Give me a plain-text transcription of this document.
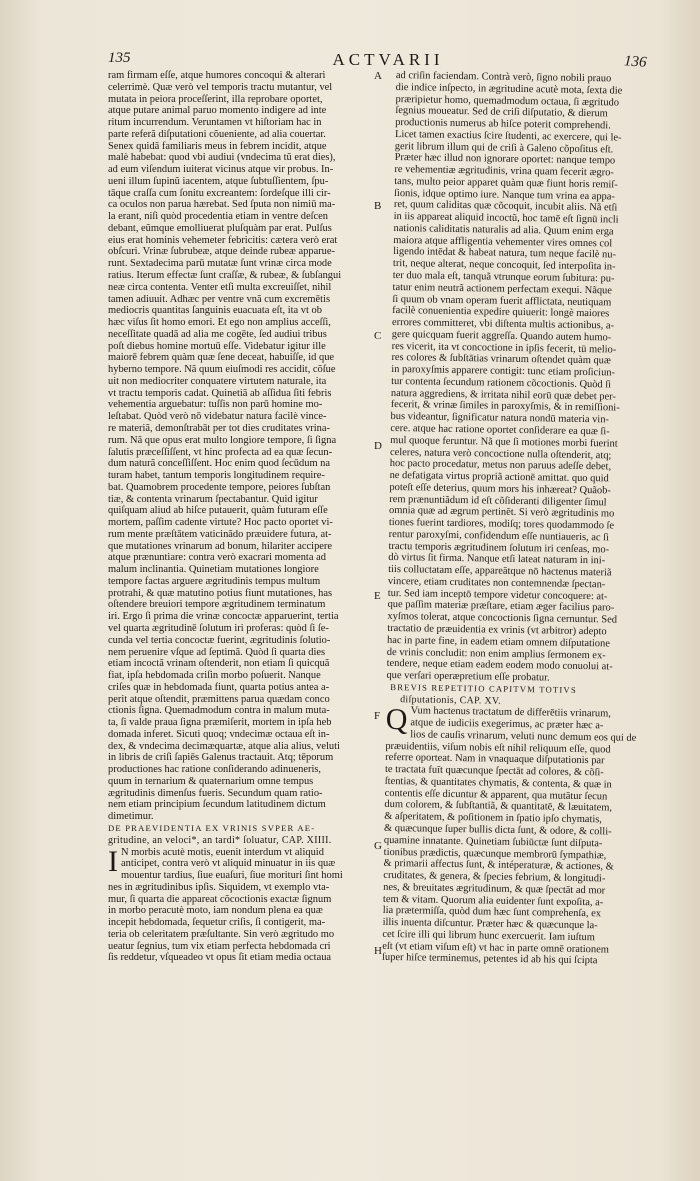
135	ACTVARII	136
ram firmam eſſe, atque humores concoqui & alterari
celerrimè. Quæ verò vel temporis tractu mutantur, vel
mutata in peiora proceſſerint, illa reprobare oportet,
atque putare animal paruo momento indigere ad inte
ritum incurrendum. Veruntamen vt hiſtoriam hac in
parte referã diſputationi cõueniente, ad alia couertar.
Senex quidã familiaris meus in febrem incidit, atque
malè habebat: quod vbi audiui (vndecima tũ erat dies),
ad eum viſendum iuiterat vicinus atque vir probus. In-
ueni illum ſupinũ iacentem, atque ſubtuſſientem, ſpu-
tāque craſſa cum ſonitu excreantem: ſordeſque illi cir-
ca oculos non parua hærebat. Sed ſputa non nimiū ma-
la erant, niſi quòd procedentia etiam in ventre deſcen
debant, eũmque emolliuerat pluſquàm par erat. Pulſus
eius erat hominis vehemeter febricitis: cætera verò erat
obſcuri. Vrinæ ſubrubeæ, atque deinde rubeæ apparue-
runt. Sextadecima parū mutatæ ſunt vrinæ circa mode
ratius. Iterum effectæ ſunt craſſæ, & rubeæ, & ſubſangui
neæ circa contenta. Venter etſi multa excreuiſſet, nihil
tamen adiuuit. Adhæc per ventre vnã cum excremētis
mediocris quantitas ſanguinis euacuata eſt, ita vt ob
hæc viſus ſit homo emori. Et ego non amplius acceſſi,
neceſſitate quadã ad alia me cogēte, ſed audiui tribus
poſt diebus homine mortuū eſſe. Videbatur igitur ille
maiorē febrem quàm quæ ſene deceat, habuiſſe, id que
hyberno tempore. Nã quum eiuſmodi res accidit, cõſue
uit non mediocriter conquatere virtutem naturale, ita
vt tractu temporis cadat. Quinetiã ab aſſidua ſiti febris
vehementia arguebatur: tuſſis non parū homine mo-
leſtabat. Quòd verò nō videbatur natura facilè vince-
re materiã, demonſtrabāt per tot dies cruditates vrina-
rum. Nã que opus erat multo longiore tempore, ſi ſigna
ſalutis præceſſiſſent, vt hinc profecta ad ea quæ ſecun-
dum naturã conceſſiſſent. Hoc enim quod ſecūdum na
turam habet, tantum temporis longitudinem require-
bat. Quamobrem procedente tempore, peiores ſubſtan
tiæ, & contenta vrinarum ſpectabantur. Quid igitur
quiſquam aliud ab hiſce putauerit, quàm futuram eſſe
mortem, paſſim cadente virtute? Hoc pacto oportet vi-
rum mente præſtātem vaticinãdo præuidere futura, at-
que mutationes vrinarum ad bonum, hilariter accipere
atque prænuntiare: contra verò exacrari momenta ad
malum inclinantia. Quinetiam mutationes longiore
tempore factas arguere ægritudinis tempus multum
protrahi, & quæ matutino potius fiunt mutationes, has
oſtendere breuiori tempore ægritudinem terminatum
iri. Ergo ſi prima die vrinæ concoctæ apparuerint, tertia
vel quarta ægritudinē ſolutum iri proferas: quòd ſi ſe-
cunda vel tertia concoctæ fuerint, ægritudinis ſolutio-
nem peruenire vſque ad ſeptimã. Quòd ſi quarta dies
etiam incoctã vrinam oſtenderit, non etiam ſi quicquã
fiat, ipſa hebdomada criſin morbo poſuerit. Nanque
criſes quæ in hebdomada fiunt, quarta potius antea a-
perit atque oſtendit, præmittens parua quædam conco
ctionis ſigna. Quemadmodum contra in malum muta-
ta, ſi valde praua ſigna præmiſerit, mortem in ipſa heb
domada inferet. Sicuti quoq; vndecimæ octaua eſt in-
dex, & vndecima decimæquartæ, atque alia alius, veluti
in libris de criſi ſapiēs Galenus tractauit. Atq; tēporum
productiones hac ratione conſiderando adinueneris,
quum in ternarium & quaternarium omne tempus
ægritudinis dimenſus fueris. Secundum quam ratio-
nem etiam principium ſecundum latitudinem dictum
dimetimur.
DE PRAEVIDENTIA EX VRINIS SVPER AE-
gritudine, an veloci*, an tardi* ſoluatur, CAP. XIIII.
I N morbis acutè motis, euenit interdum vt aliquid
anticipet, contra verò vt aliquid minuatur in iis quæ
mouentur tardius, ſiue euaſuri, ſiue morituri ſint homi
nes in ægritudinibus ipſis. Siquidem, vt exemplo vta-
mur, ſi quarta die appareat cõcoctionis exactæ ſignum
in morbo peracutè moto, iam nondum plena ea quæ
incepit hebdomada, ſequetur criſis, ſi contigerit, ma-
teria ob celeritatem præſultante. Sin verò ægritudo mo
ueatur ſegnius, tum vix etiam perfecta hebdomada cri
ſis reddetur, vſqueadeo vt opus ſit etiam media octaua
A
B
C
D
E
F
G
H
ad criſin faciendam. Contrà verò, ſigno nobili prauo
die indice inſpecto, in ægritudine acutè mota, ſexta die
præripietur homo, quemadmodum octaua, ſi ægritudo
ſegnius moueatur. Sed de criſi diſputatio, & dierum
productionis numerus ab hiſce poterit comprehendi.
Licet tamen exactius ſcire ſtudenti, ac exercere, qui le-
gerit librum illum qui de criſi à Galeno cõpoſitus eſt.
Præter hæc illud non ignorare oportet: nanque tempo
re vehementiæ ægritudinis, vrina quam fecerit ægro-
tans, multo peior apparet quàm quæ fiunt horis remiſ-
ſionis, idque optimo iure. Nanque tum vrina ea appa-
ret, quum caliditas quæ cõcoquit, incubit aliis. Nã etſi
in iis appareat aliquid incoctũ, hoc tamē eſt ſignū incli
nationis caliditatis naturalis ad alia. Quum enim erga
maiora atque affligentia vehementer vires omnes col
ligendo intēdat & habeat natura, tum neque facilè nu-
trit, neque alterat, neque concoquit, ſed interpoſita in-
ter duo mala eſt, tanquã vtrunque eorum ſubitura: pu-
tatur enim neutrã actionem perfectam exequi. Nãque
ſi quum ob vnam operam fuerit afflictata, neutiquam
facilè conuenientia expedire quiuerit: longè maiores
errores committeret, vbi diſtenta multis actionibus, a-
gere quicquam fuerit aggreſſa. Quando autem humo-
res vicerit, ita vt concoctione in ipſis fecerit, tū melio-
res colores & ſubſtātias vrinarum oſtendet quàm quæ
in paroxyſmis apparere contigit: tunc etiam proſiciun-
tur contenta ſecundum rationem cõcoctionis. Quòd ſi
natura aggrediens, & irritata nihil eorū quæ debet per-
fecerit, & vrinæ ſimiles in paroxyſmis, & in remiſſioni-
bus videantur, ſignificatur natura nondū materia vin-
cere. atque hac ratione oportet conſiderare ea quæ ſi-
mul quoque feruntur. Nã que ſi motiones morbi fuerint
celeres, natura verò concoctione nulla oſtenderit, atq;
hoc pacto procedatur, metus non paruus adeſſe debet,
ne defatigata virtus propriã actionē amittat. quo quid
poteſt eſſe deterius, quum mors his inhæreat? Quãob-
rem prænuntiãdum id eſt cõſideranti diligenter ſimul
omnia quæ ad ægrum pertinēt. Si verò ægritudinis mo
tiones fuerint tardiores, modiſq; tores quodammodo ſe
rentur paroxyſmi, confidendum eſſe nuntiaueris, ac ſi
tractu temporis ægritudinem ſolutum iri cenſeas, mo-
dò virtus ſit firma. Nanque etſi lateat naturam in ini-
tiis colluctatam eſſe, appareātque nō hactenus materiã
vincere, etiam cruditates non contemnendæ ſpectan-
tur. Sed iam inceptō tempore videtur concoquere: at-
que paſſim materiæ præſtare, etiam æger facilius paro-
xyſmos tolerat, atque concoctionis ſigna cernuntur. Sed
tractatio de præuidentia ex vrinis (vt arbitror) adepto
hac in parte fine, in eadem etiam omnem diſputatione
de vrinis concludit: non enim amplius ſermonem ex-
tendere, neque etiam eadem eodem modo conuolui at-
que verſari operæpretium eſſe probatur.
BREVIS REPETITIO CAPITVM TOTIVS
diſputationis, CAP. XV.
Q Vum hactenus tractatum de differētiis vrinarum,
atque de iudiciis exegerimus, ac præter hæc a-
lios de cauſis vrinarum, veluti nunc demum eos qui de
præuidentiis, viſum nobis eſt nihil reliquum eſſe, quod
referre oporteat. Nam in vnaquaque diſputationis par
te tractata fuīt quæcunque ſpectāt ad colores, & cõſi-
ſtentias, & quantitates chymatis, & contenta, & quæ in
contentis eſſe dicuntur & apparent, qua mutātur ſecun
dum colorem, & ſubſtantiã, & quantitatē, & læuitatem,
& aſperitatem, & poſitionem in ſpatio ipſo chymatis,
& quæcunque ſuper bullis dicta ſunt, & odore, & colli-
quamine innatante. Quinetiam ſubiūctæ ſunt diſputa-
tionibus prædictis, quæcunque membrorū ſympathiæ,
& primarii affectus ſunt, & intéperaturæ, & actiones, &
cruditates, & genera, & ſpecies febrium, & longitudi-
nes, & breuitates ægritudinum, & quæ ſpectāt ad mor
tem & vitam. Quorum alia euidenter ſunt expoſita, a-
lia prætermiſſa, quòd dum hæc ſunt comprehenſa, ex
illis inuenta diſcuntur. Præter hæc & quæcunque la-
cet ſcire illi qui librum hunc exercuerit. Iam iuſtum
eſt (vt etiam viſum eſt) vt hac in parte omnē orationem
ſuper hiſce terminemus, petentes id ab his qui ſcipta
